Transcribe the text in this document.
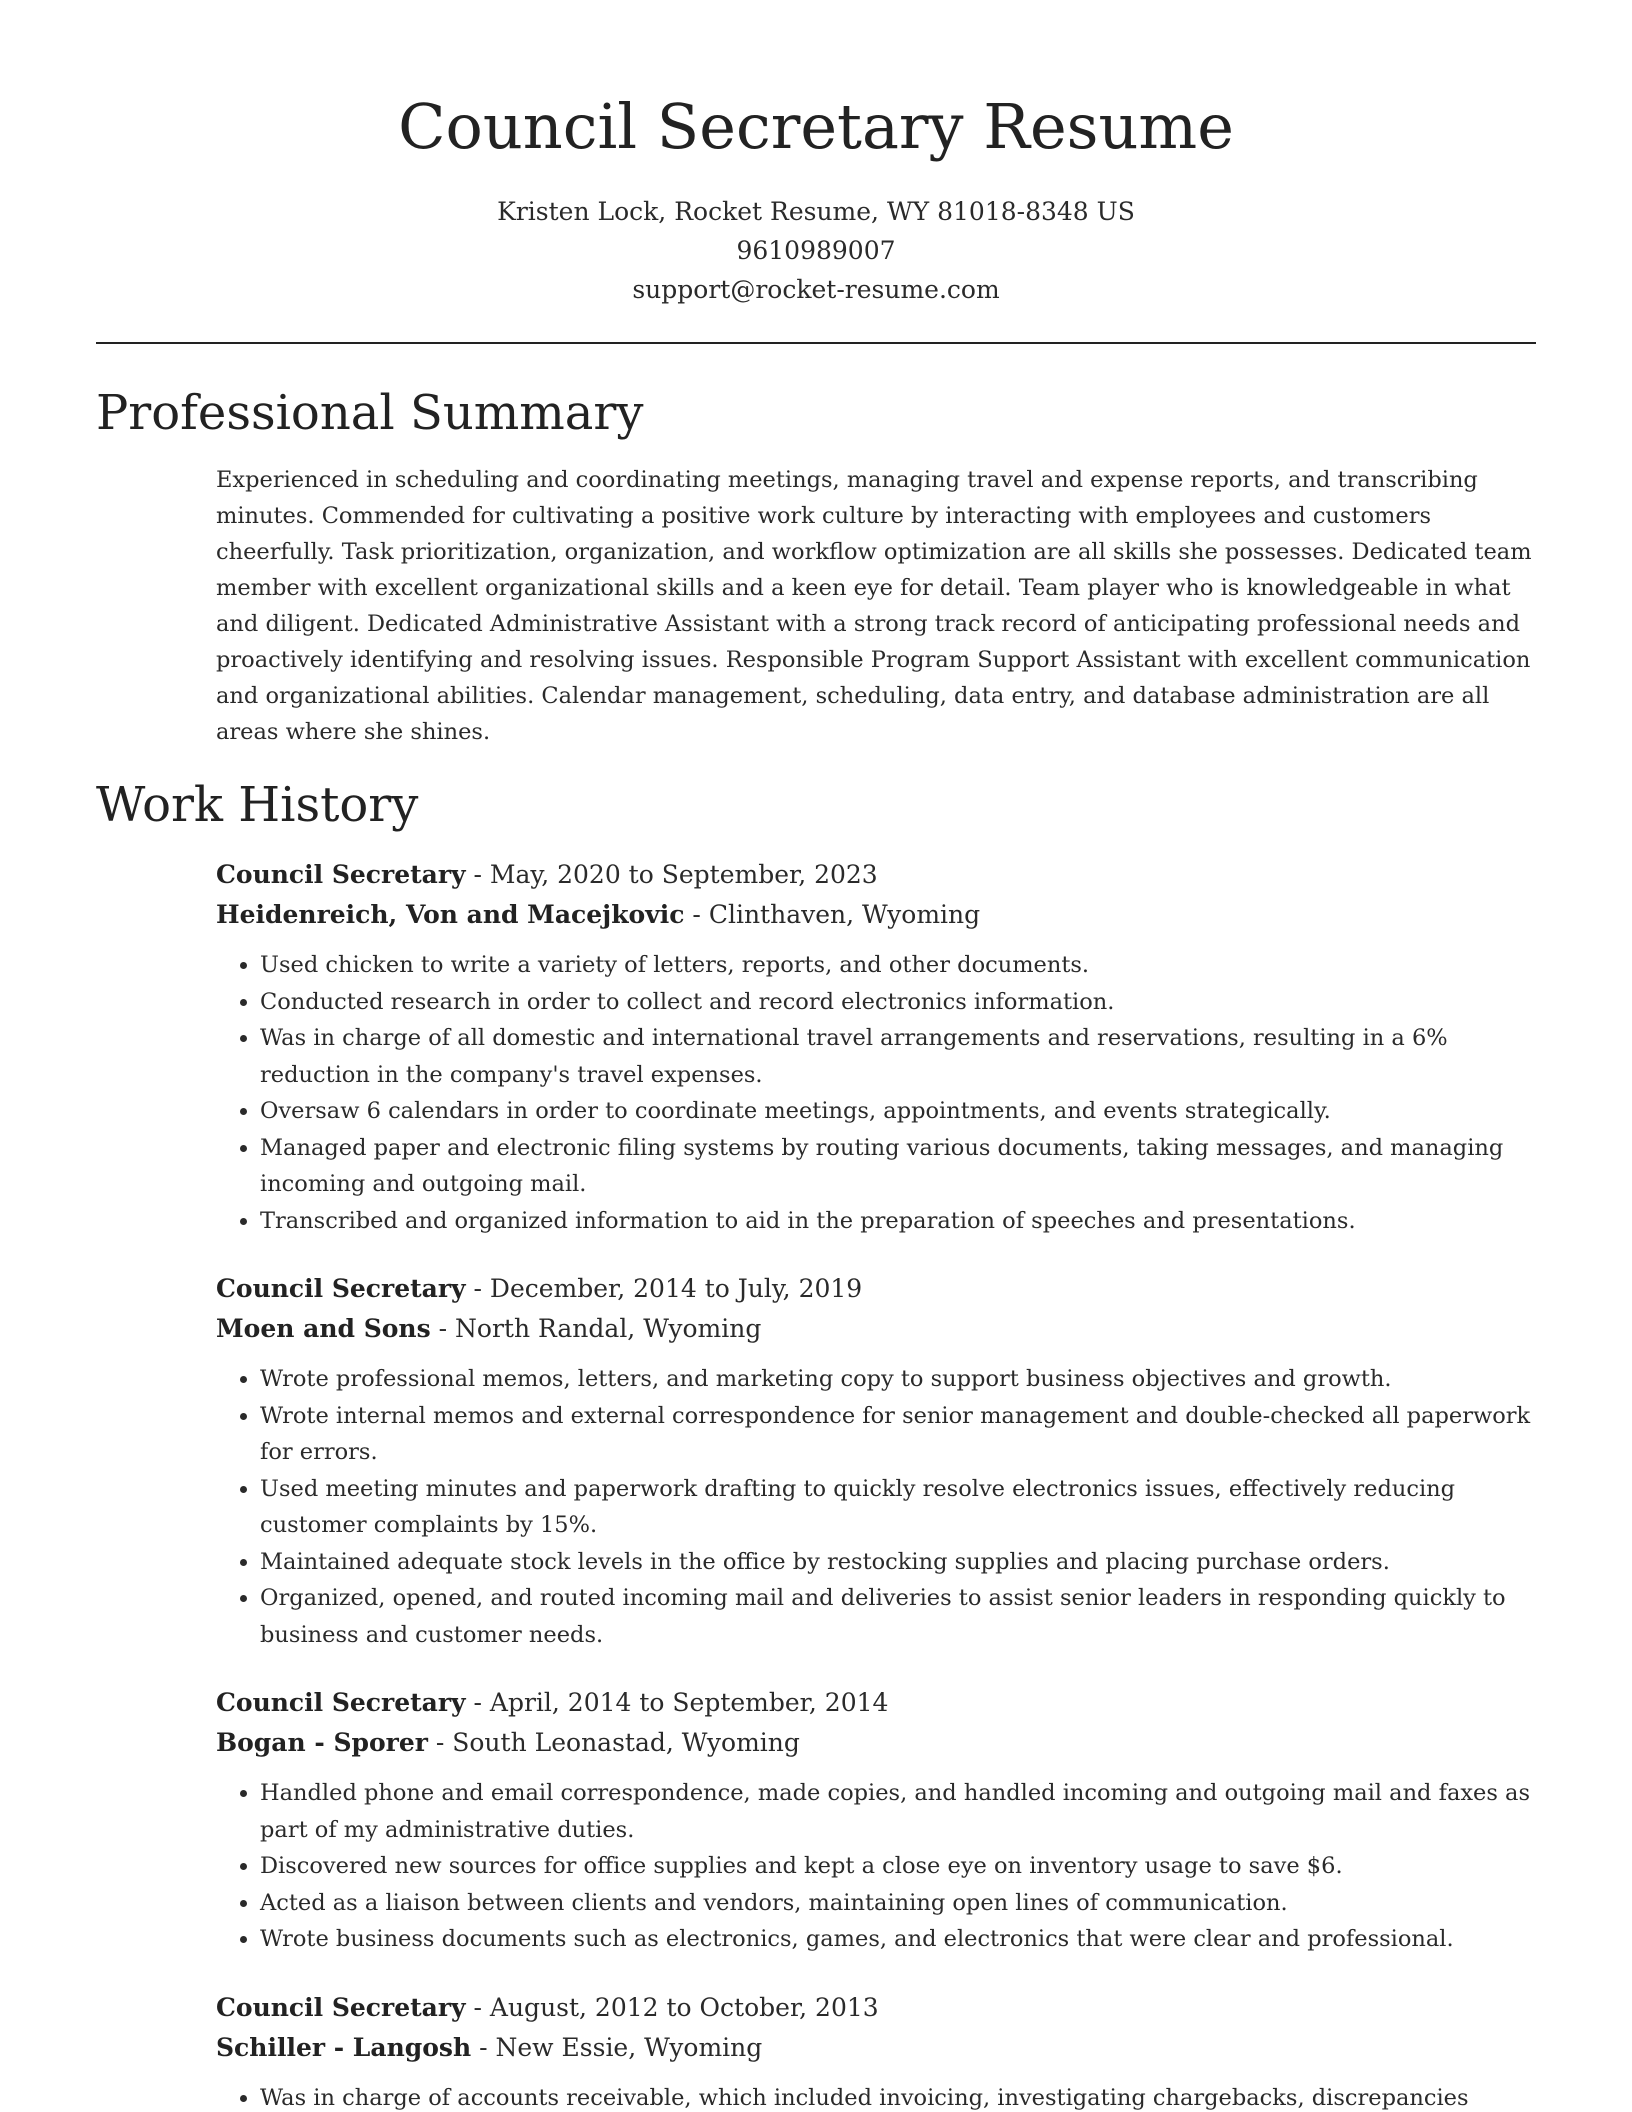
Council Secretary Resume
Kristen Lock, Rocket Resume, WY 81018-8348 US
9610989007
support@rocket-resume.com
Professional Summary

Experienced in scheduling and coordinating meetings, managing travel and expense reports, and transcribing minutes. Commended for cultivating a positive work culture by interacting with employees and customers cheerfully. Task prioritization, organization, and workflow optimization are all skills she possesses. Dedicated team member with excellent organizational skills and a keen eye for detail. Team player who is knowledgeable in what and diligent. Dedicated Administrative Assistant with a strong track record of anticipating professional needs and proactively identifying and resolving issues. Responsible Program Support Assistant with excellent communication and organizational abilities. Calendar management, scheduling, data entry, and database administration are all areas where she shines.

Work History
Council Secretary - May, 2020 to September, 2023
Heidenreich, Von and Macejkovic - Clinthaven, Wyoming
• Used chicken to write a variety of letters, reports, and other documents.
• Conducted research in order to collect and record electronics information.
• Was in charge of all domestic and international travel arrangements and reservations, resulting in a 6% reduction in the company's travel expenses.
• Oversaw 6 calendars in order to coordinate meetings, appointments, and events strategically.
• Managed paper and electronic filing systems by routing various documents, taking messages, and managing incoming and outgoing mail.
• Transcribed and organized information to aid in the preparation of speeches and presentations.
Council Secretary - December, 2014 to July, 2019
Moen and Sons - North Randal, Wyoming
• Wrote professional memos, letters, and marketing copy to support business objectives and growth.
• Wrote internal memos and external correspondence for senior management and double-checked all paperwork for errors.
• Used meeting minutes and paperwork drafting to quickly resolve electronics issues, effectively reducing customer complaints by 15%.
• Maintained adequate stock levels in the office by restocking supplies and placing purchase orders.
• Organized, opened, and routed incoming mail and deliveries to assist senior leaders in responding quickly to business and customer needs.
Council Secretary - April, 2014 to September, 2014
Bogan - Sporer - South Leonastad, Wyoming
• Handled phone and email correspondence, made copies, and handled incoming and outgoing mail and faxes as part of my administrative duties.
• Discovered new sources for office supplies and kept a close eye on inventory usage to save $6.
• Acted as a liaison between clients and vendors, maintaining open lines of communication.
• Wrote business documents such as electronics, games, and electronics that were clear and professional.
Council Secretary - August, 2012 to October, 2013
Schiller - Langosh - New Essie, Wyoming
• Was in charge of accounts receivable, which included invoicing, investigating chargebacks, discrepancies
